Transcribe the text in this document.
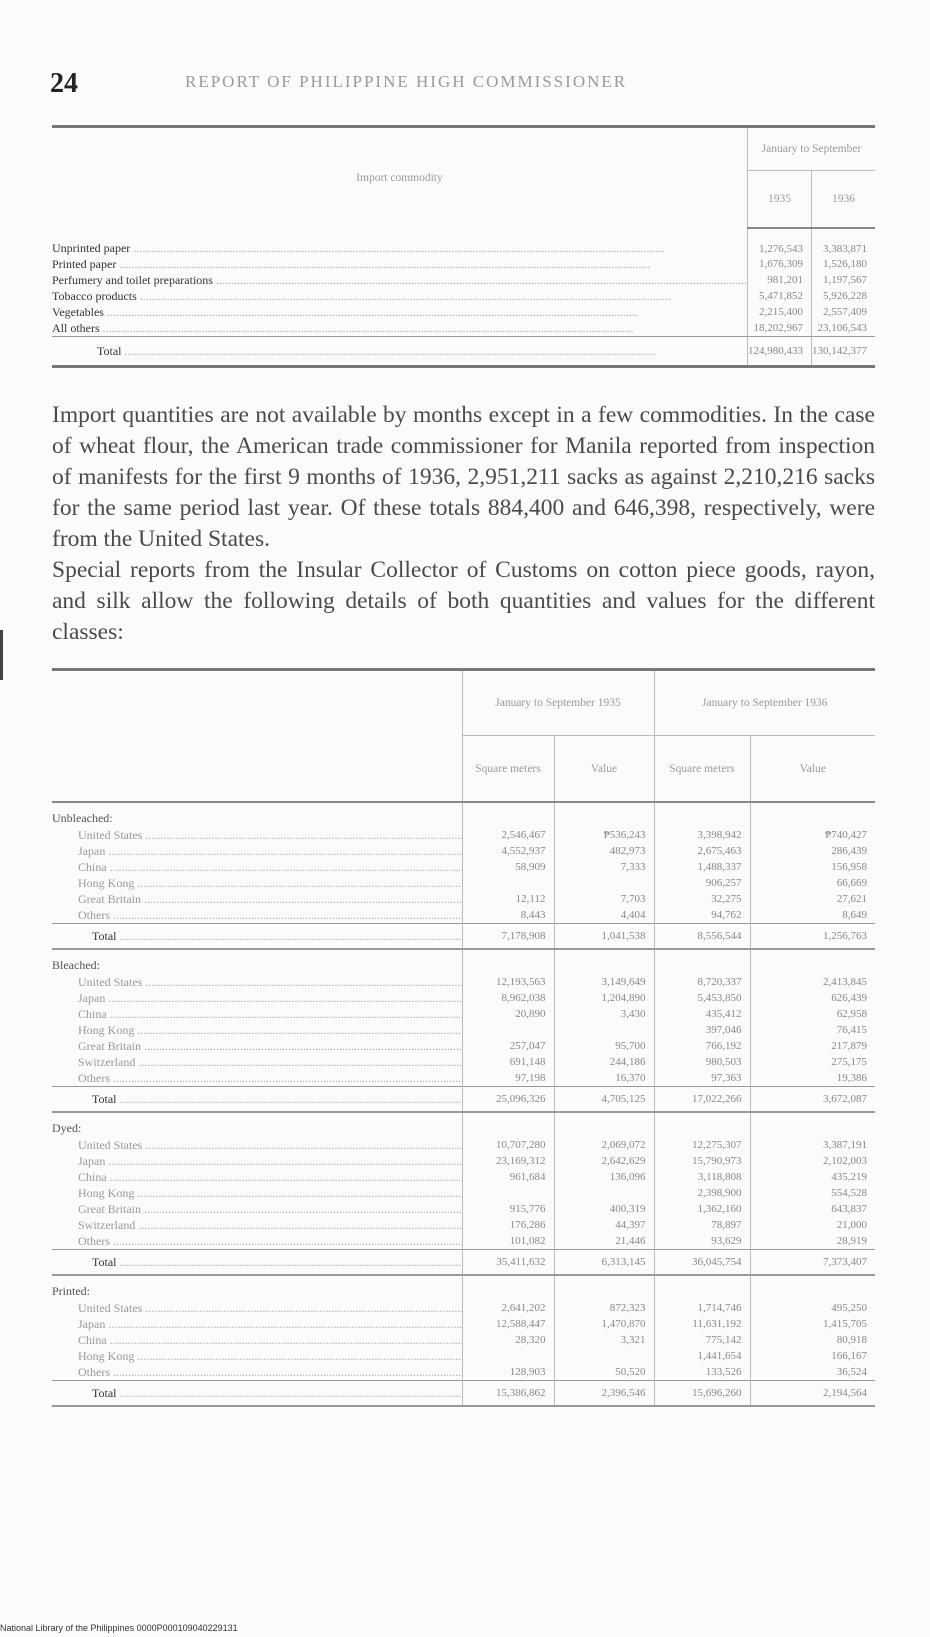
24	REPORT OF PHILIPPINE HIGH COMMISSIONER
Import commodity	January to September	
	1935	1936
Unprinted paper .....	1,276,543	3,383,871
Printed paper .....	1,676,309	1,526,180
Perfumery and toilet preparations .....	981,201	1,197,567
Tobacco products .....	5,471,852	5,926,228
Vegetables .....	2,215,400	2,557,409
All others .....	18,202,967	23,106,543
Total .....	124,980,433	130,142,377

Import quantities are not available by months except in a few commodities. In the case of wheat flour, the American trade commissioner for Manila reported from inspection of manifests for the first 9 months of 1936, 2,951,211 sacks as against 2,210,216 sacks for the same period last year. Of these totals 884,400 and 646,398, respectively, were from the United States.

Special reports from the Insular Collector of Customs on cotton piece goods, rayon, and silk allow the following details of both quantities and values for the different classes:

	January to September 1935		January to September 1936	
	Square meters	Value	Square meters	Value
Unbleached:				
United States .....	2,546,467	₱536,243	3,398,942	₱740,427
Japan .....	4,552,937	482,973	2,675,463	286,439
China .....	58,909	7,333	1,488,337	156,958
Hong Kong .....			906,257	66,669
Great Britain .....	12,112	7,703	32,275	27,621
Others .....	8,443	4,404	94,762	8,649
Total .....	7,178,908	1,041,538	8,556,544	1,256,763
Bleached:				
United States .....	12,193,563	3,149,649	8,720,337	2,413,845
Japan .....	8,962,038	1,204,890	5,453,850	626,439
China .....	20,890	3,430	435,412	62,958
Hong Kong .....			397,046	76,415
Great Britain .....	257,047	95,700	766,192	217,879
Switzerland .....	691,148	244,186	980,503	275,175
Others .....	97,198	16,370	97,363	19,386
Total .....	25,096,326	4,705,125	17,022,266	3,672,087
Dyed:				
United States .....	10,707,280	2,069,072	12,275,307	3,387,191
Japan .....	23,169,312	2,642,629	15,790,973	2,102,003
China .....	961,684	136,096	3,118,808	435,219
Hong Kong .....			2,398,900	554,528
Great Britain .....	915,776	400,319	1,362,160	643,837
Switzerland .....	176,286	44,397	78,897	21,000
Others .....	101,082	21,446	93,629	28,919
Total .....	35,411,632	6,313,145	36,045,754	7,373,407
Printed:				
United States .....	2,641,202	872,323	1,714,746	495,250
Japan .....	12,588,447	1,470,870	11,631,192	1,415,705
China .....	28,320	3,321	775,142	80,918
Hong Kong .....			1,441,654	166,167
Others .....	128,903	50,520	133,526	36,524
Total .....	15,386,862	2,396,546	15,696,260	2,194,564
National Library of the Philippines 0000P000109040229131
